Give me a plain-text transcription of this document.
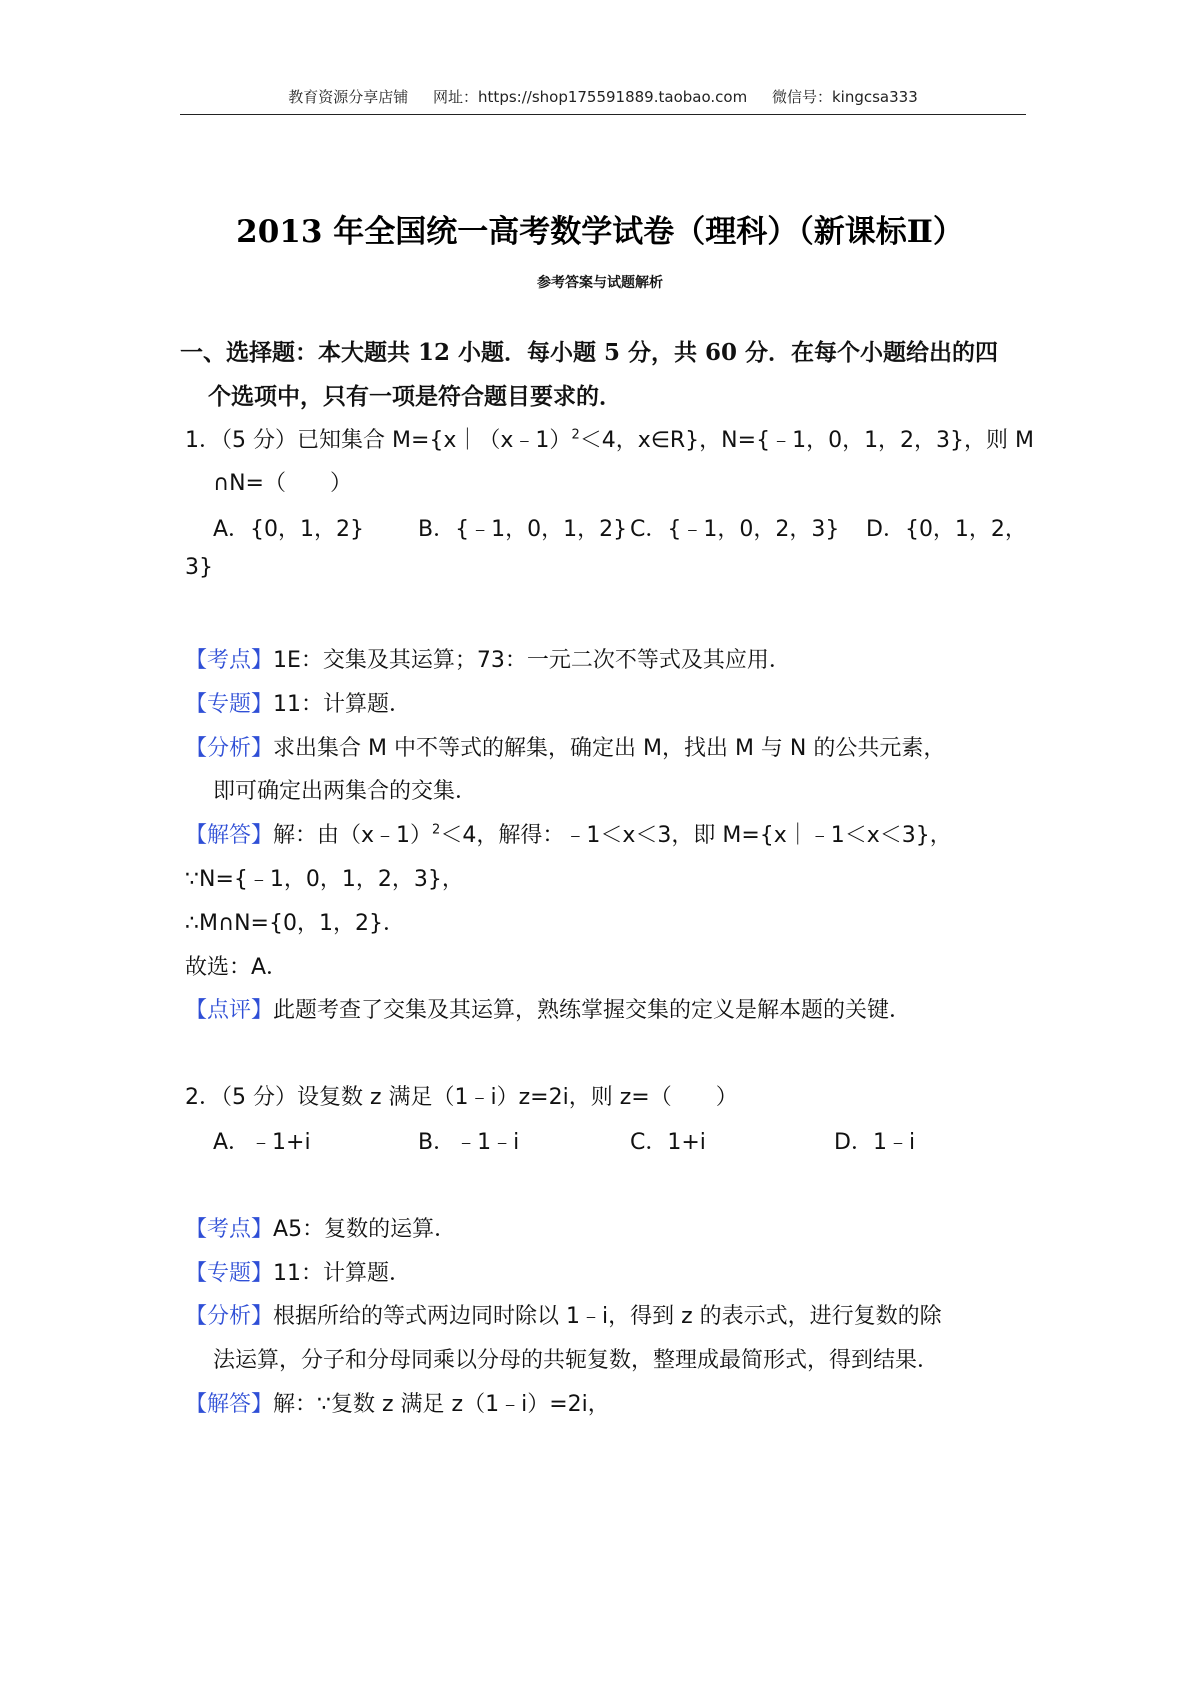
教育资源分享店铺 网址：https://shop175591889.taobao.com 微信号：kingcsa333
2013 年全国统一高考数学试卷（理科）（新课标Ⅱ）
参考答案与试题解析
一、选择题：本大题共 12 小题．每小题 5 分，共 60 分．在每个小题给出的四
个选项中，只有一项是符合题目要求的．
1．（5 分）已知集合 M={x｜（x﹣1）$^2$＜4，x∈R}，N={﹣1，0，1，2，3}，则 M
∩N=（　　）
A．{0，1，2} B．{﹣1，0，1，2} C．{﹣1，0，2，3} D．{0，1，2，
3}
【考点】1E：交集及其运算；73：一元二次不等式及其应用．
【专题】11：计算题．
【分析】求出集合 M 中不等式的解集，确定出 M，找出 M 与 N 的公共元素，
即可确定出两集合的交集．
【解答】解：由（x﹣1）$^2$＜4，解得：﹣1＜x＜3，即 M={x｜﹣1＜x＜3}，
∵N={﹣1，0，1，2，3}，
∴M∩N={0，1，2}．
故选：A．
【点评】此题考查了交集及其运算，熟练掌握交集的定义是解本题的关键．
2．（5 分）设复数 z 满足（1﹣i）z=2i，则 z=（　　）
A．﹣1+i	B．﹣1﹣i	C．1+i	D．1﹣i
【考点】A5：复数的运算．
【专题】11：计算题．
【分析】根据所给的等式两边同时除以 1﹣i，得到 z 的表示式，进行复数的除
法运算，分子和分母同乘以分母的共轭复数，整理成最简形式，得到结果．
【解答】解：∵复数 z 满足 z（1﹣i）=2i，
